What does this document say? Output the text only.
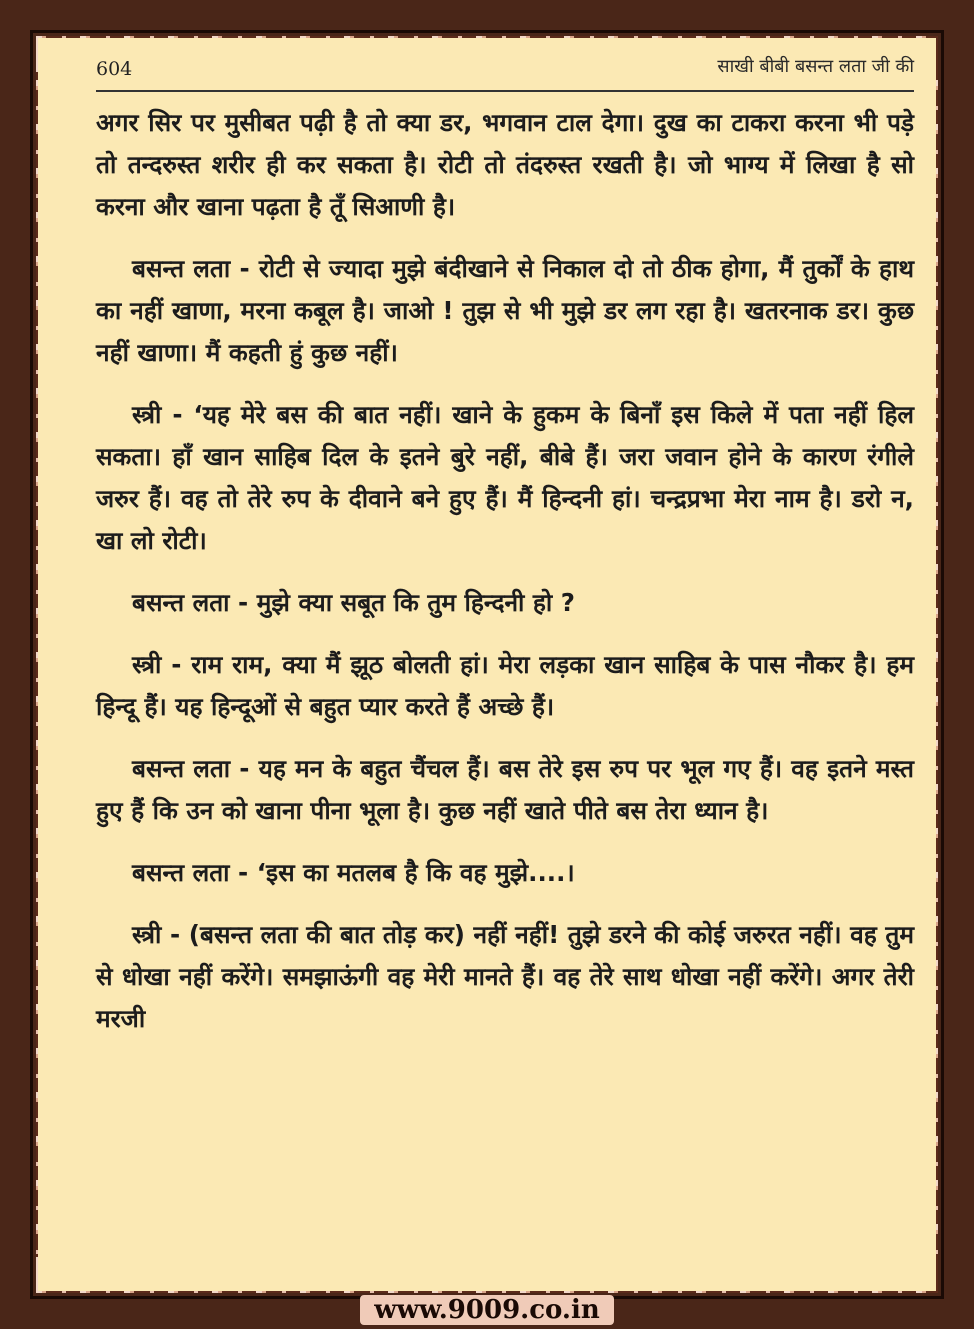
604	साखी बीबी बसन्त लता जी की

अगर सिर पर मुसीबत पढ़ी है तो क्या डर, भगवान टाल देगा। दुख का टाकरा करना भी पड़े तो तन्दरुस्त शरीर ही कर सकता है। रोटी तो तंदरुस्त रखती है। जो भाग्य में लिखा है सो करना और खाना पढ़ता है तूँ सिआणी है।

बसन्त लता - रोटी से ज्यादा मुझे बंदीखाने से निकाल दो तो ठीक होगा, मैं तुर्कों के हाथ का नहीं खाणा, मरना कबूल है। जाओ ! तुझ से भी मुझे डर लग रहा है। खतरनाक डर। कुछ नहीं खाणा। मैं कहती हुं कुछ नहीं।

स्त्री - ‘यह मेरे बस की बात नहीं। खाने के हुकम के बिनाँ इस किले में पता नहीं हिल सकता। हाँ खान साहिब दिल के इतने बुरे नहीं, बीबे हैं। जरा जवान होने के कारण रंगीले जरुर हैं। वह तो तेरे रुप के दीवाने बने हुए हैं। मैं हिन्दनी हां। चन्द्रप्रभा मेरा नाम है। डरो न, खा लो रोटी।

बसन्त लता - मुझे क्या सबूत कि तुम हिन्दनी हो ?

स्त्री - राम राम, क्या मैं झूठ बोलती हां। मेरा लड़का खान साहिब के पास नौकर है। हम हिन्दू हैं। यह हिन्दूओं से बहुत प्यार करते हैं अच्छे हैं।

बसन्त लता - यह मन के बहुत चैंचल हैं। बस तेरे इस रुप पर भूल गए हैं। वह इतने मस्त हुए हैं कि उन को खाना पीना भूला है। कुछ नहीं खाते पीते बस तेरा ध्यान है।

बसन्त लता - ‘इस का मतलब है कि वह मुझे....।

स्त्री - (बसन्त लता की बात तोड़ कर) नहीं नहीं! तुझे डरने की कोई जरुरत नहीं। वह तुम से धोखा नहीं करेंगे। समझाऊंगी वह मेरी मानते हैं। वह तेरे साथ धोखा नहीं करेंगे। अगर तेरी मरजी

www.9009.co.in
